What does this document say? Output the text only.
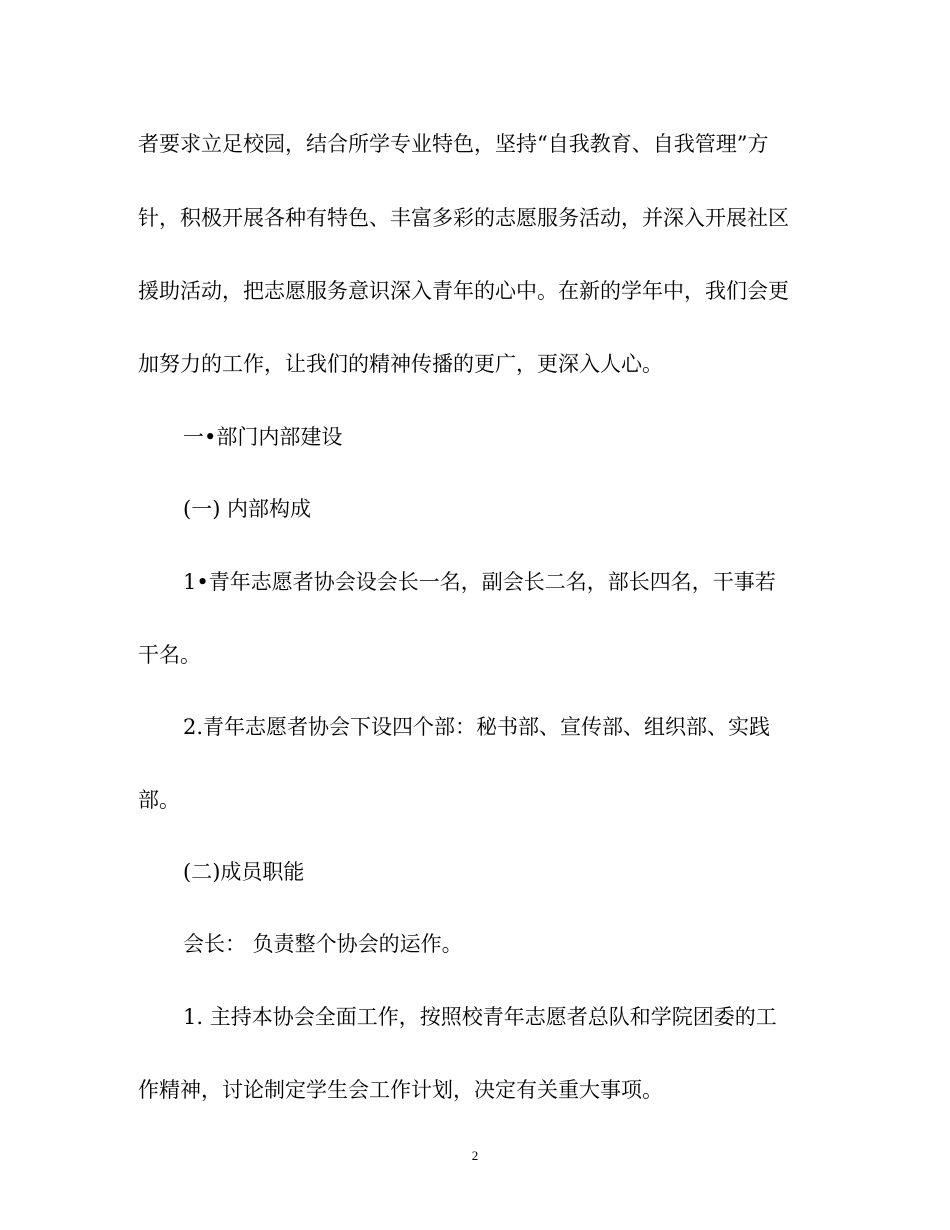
者要求立足校园，结合所学专业特色，坚持“自我教育、自我管理”方
针，积极开展各种有特色、丰富多彩的志愿服务活动，并深入开展社区
援助活动，把志愿服务意识深入青年的心中。在新的学年中，我们会更
加努力的工作，让我们的精神传播的更广，更深入人心。
一•部门内部建设
(一) 内部构成
1•青年志愿者协会设会长一名，副会长二名，部长四名，干事若
干名。
2.青年志愿者协会下设四个部：秘书部、宣传部、组织部、实践
部。
(二)成员职能
会长： 负责整个协会的运作。
1. 主持本协会全面工作，按照校青年志愿者总队和学院团委的工
作精神，讨论制定学生会工作计划，决定有关重大事项。
2
